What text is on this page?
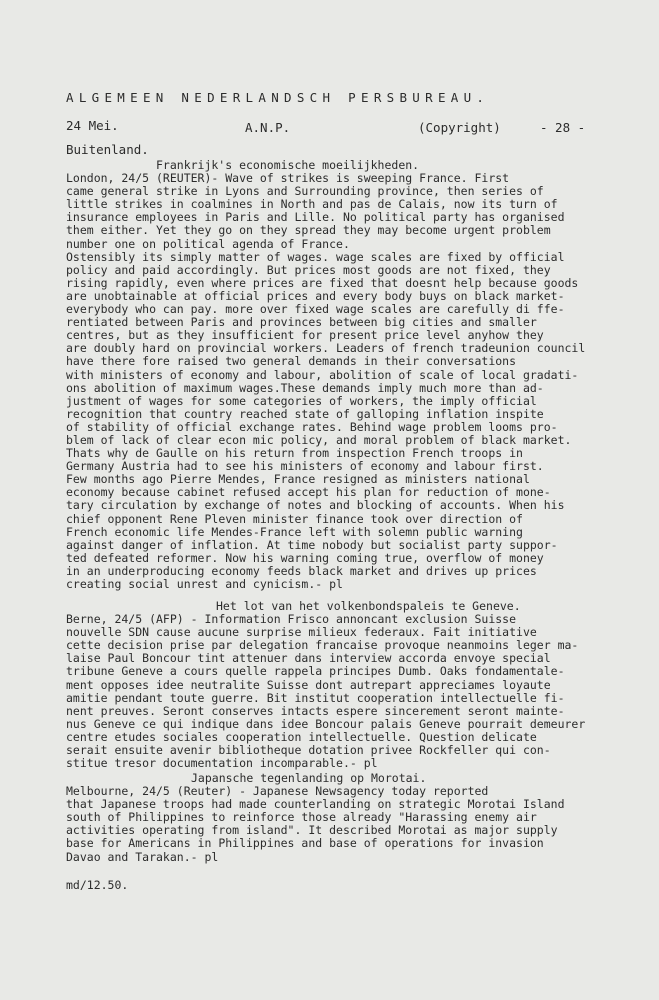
ALGEMEEN NEDERLANDSCH PERSBUREAU.
24 Mei.	A.N.P.	(Copyright)	- 28 -
Buitenland.
Frankrijk's economische moeilijkheden.
London, 24/5 (REUTER)- Wave of strikes is sweeping France. First
came general strike in Lyons and Surrounding province, then series of
little strikes in coalmines in North and pas de Calais, now its turn of
insurance employees in Paris and Lille. No political party has organised
them either. Yet they go on they spread they may become urgent problem
number one on political agenda of France.
Ostensibly its simply matter of wages. wage scales are fixed by official
policy and paid accordingly. But prices most goods are not fixed, they
rising rapidly, even where prices are fixed that doesnt help because goods
are unobtainable at official prices and every body buys on black market-
everybody who can pay. more over fixed wage scales are carefully di ffe-
rentiated between Paris and provinces between big cities and smaller
centres, but as they insufficient for present price level anyhow they
are doubly hard on provincial workers. Leaders of french tradeunion council
have there fore raised two general demands in their conversations
with ministers of economy and labour, abolition of scale of local gradati-
ons abolition of maximum wages.These demands imply much more than ad-
justment of wages for some categories of workers, the imply official
recognition that country reached state of galloping inflation inspite
of stability of official exchange rates. Behind wage problem looms pro-
blem of lack of clear econ mic policy, and moral problem of black market.
Thats why de Gaulle on his return from inspection French troops in
Germany Austria had to see his ministers of economy and labour first.
Few months ago Pierre Mendes, France resigned as ministers national
economy because cabinet refused accept his plan for reduction of mone-
tary circulation by exchange of notes and blocking of accounts. When his
chief opponent Rene Pleven minister finance took over direction of
French economic life Mendes-France left with solemn public warning
against danger of inflation. At time nobody but socialist party suppor-
ted defeated reformer. Now his warning coming true, overflow of money
in an underproducing economy feeds black market and drives up prices
creating social unrest and cynicism.- pl
Het lot van het volkenbondspaleis te Geneve.
Berne, 24/5 (AFP) - Information Frisco annoncant exclusion Suisse
nouvelle SDN cause aucune surprise milieux federaux. Fait initiative
cette decision prise par delegation francaise provoque neanmoins leger ma-
laise Paul Boncour tint attenuer dans interview accorda envoye special
tribune Geneve a cours quelle rappela principes Dumb. Oaks fondamentale-
ment opposes idee neutralite Suisse dont autrepart appreciames loyaute
amitie pendant toute guerre. Bit institut cooperation intellectuelle fi-
nent preuves. Seront conserves intacts espere sincerement seront mainte-
nus Geneve ce qui indique dans idee Boncour palais Geneve pourrait demeurer
centre etudes sociales cooperation intellectuelle. Question delicate
serait ensuite avenir bibliotheque dotation privee Rockfeller qui con-
stitue tresor documentation incomparable.- pl
Japansche tegenlanding op Morotai.
Melbourne, 24/5 (Reuter) - Japanese Newsagency today reported
that Japanese troops had made counterlanding on strategic Morotai Island
south of Philippines to reinforce those already "Harassing enemy air
activities operating from island". It described Morotai as major supply
base for Americans in Philippines and base of operations for invasion
Davao and Tarakan.- pl
md/12.50.
